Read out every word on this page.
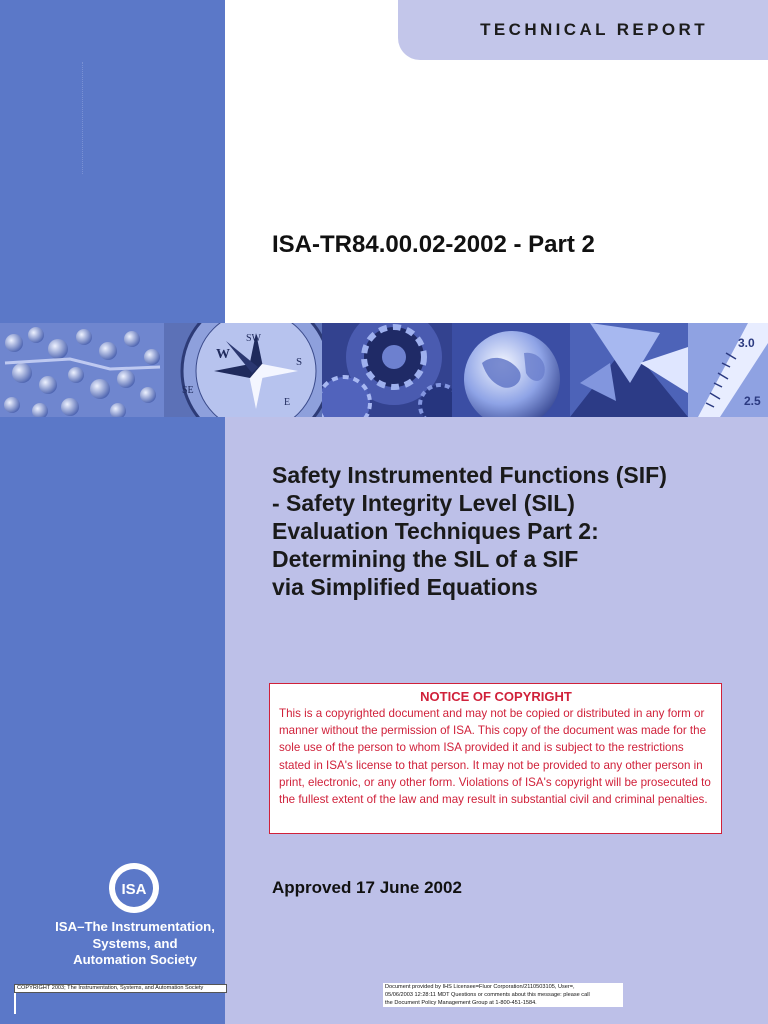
TECHNICAL REPORT
ISA-TR84.00.02-2002 - Part 2
W
SW
S
SE
E
3.0
2.5
Safety Instrumented Functions (SIF)
- Safety Integrity Level (SIL)
Evaluation Techniques Part 2:
Determining the SIL of a SIF
via Simplified Equations
NOTICE OF COPYRIGHT
This is a copyrighted document and may not be copied or distributed in any form or manner without the permission of ISA. This copy of the document was made for the sole use of the person to whom ISA provided it and is subject to the restrictions stated in ISA's license to that person. It may not be provided to any other person in print, electronic, or any other form. Violations of ISA's copyright will be prosecuted to the fullest extent of the law and may result in substantial civil and criminal penalties.
Approved 17 June 2002
ISA
ISA–The Instrumentation,
Systems, and
Automation Society
COPYRIGHT 2003; The Instrumentation, Systems, and Automation Society	Document provided by IHS Licensee=Fluor Corporation/2110503105, User=,
05/06/2003 12:28:11 MDT Questions or comments about this message: please call
the Document Policy Management Group at 1-800-451-1584.
